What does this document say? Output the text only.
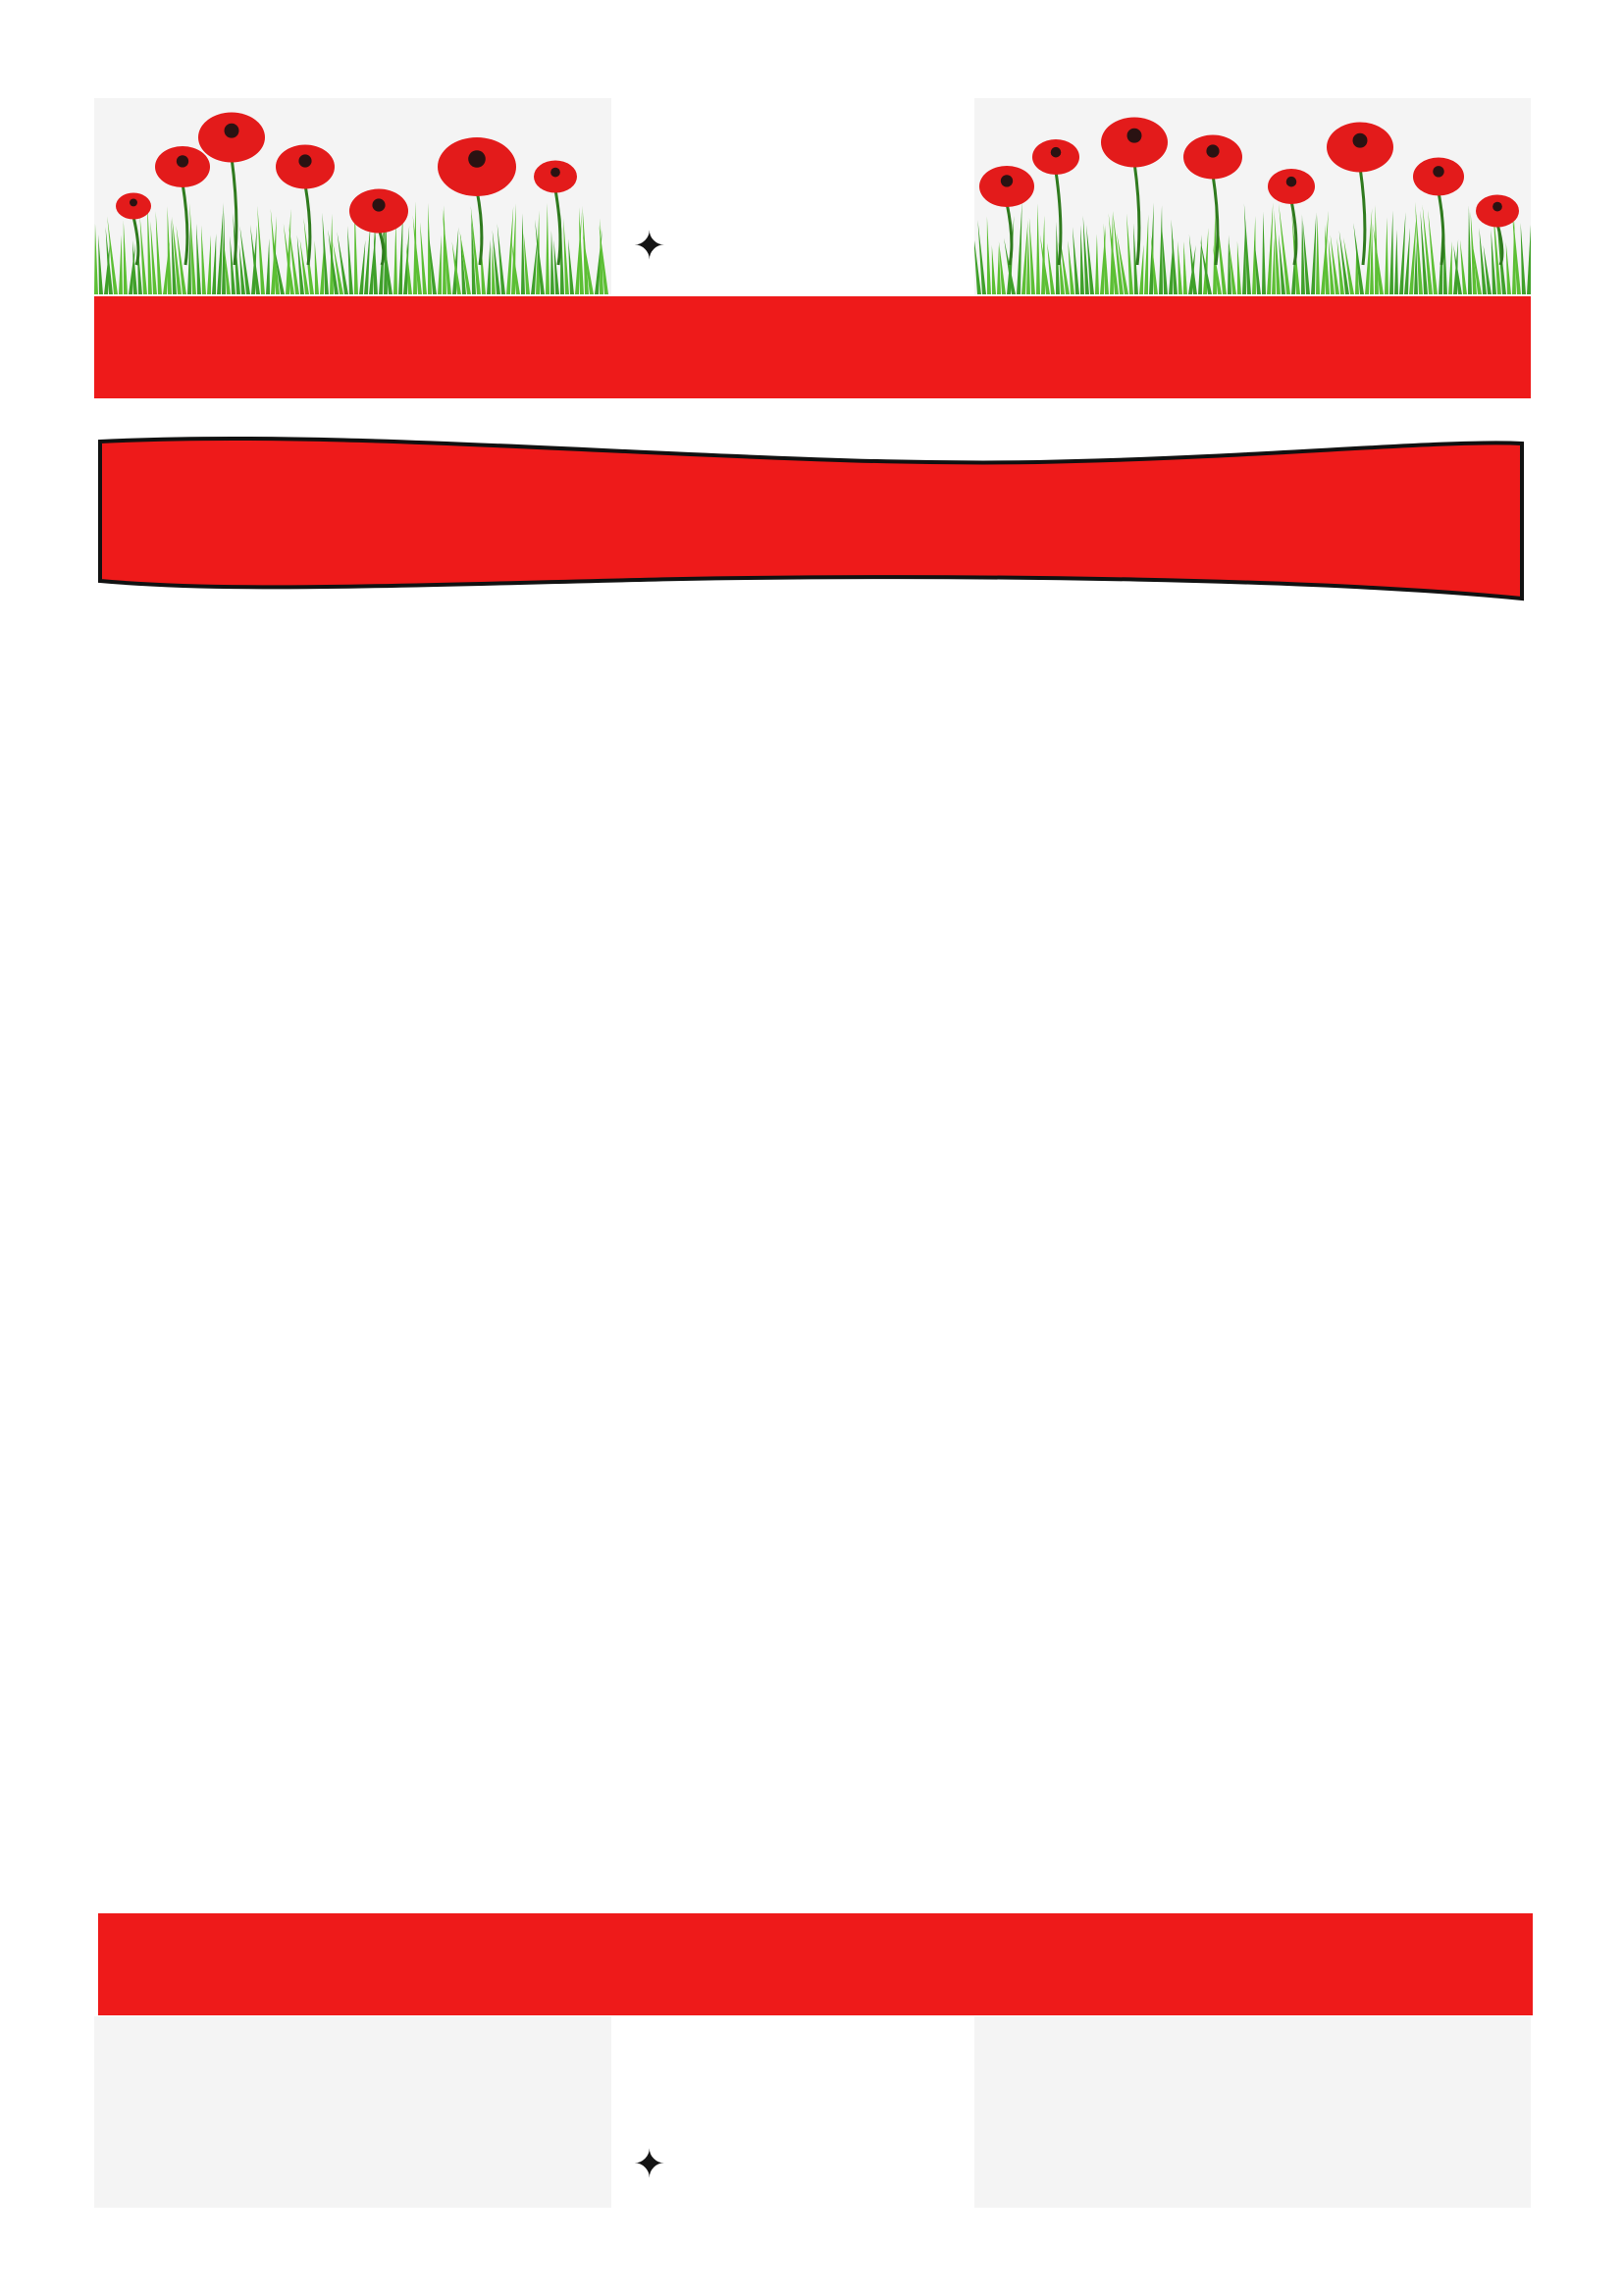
✦
✦
